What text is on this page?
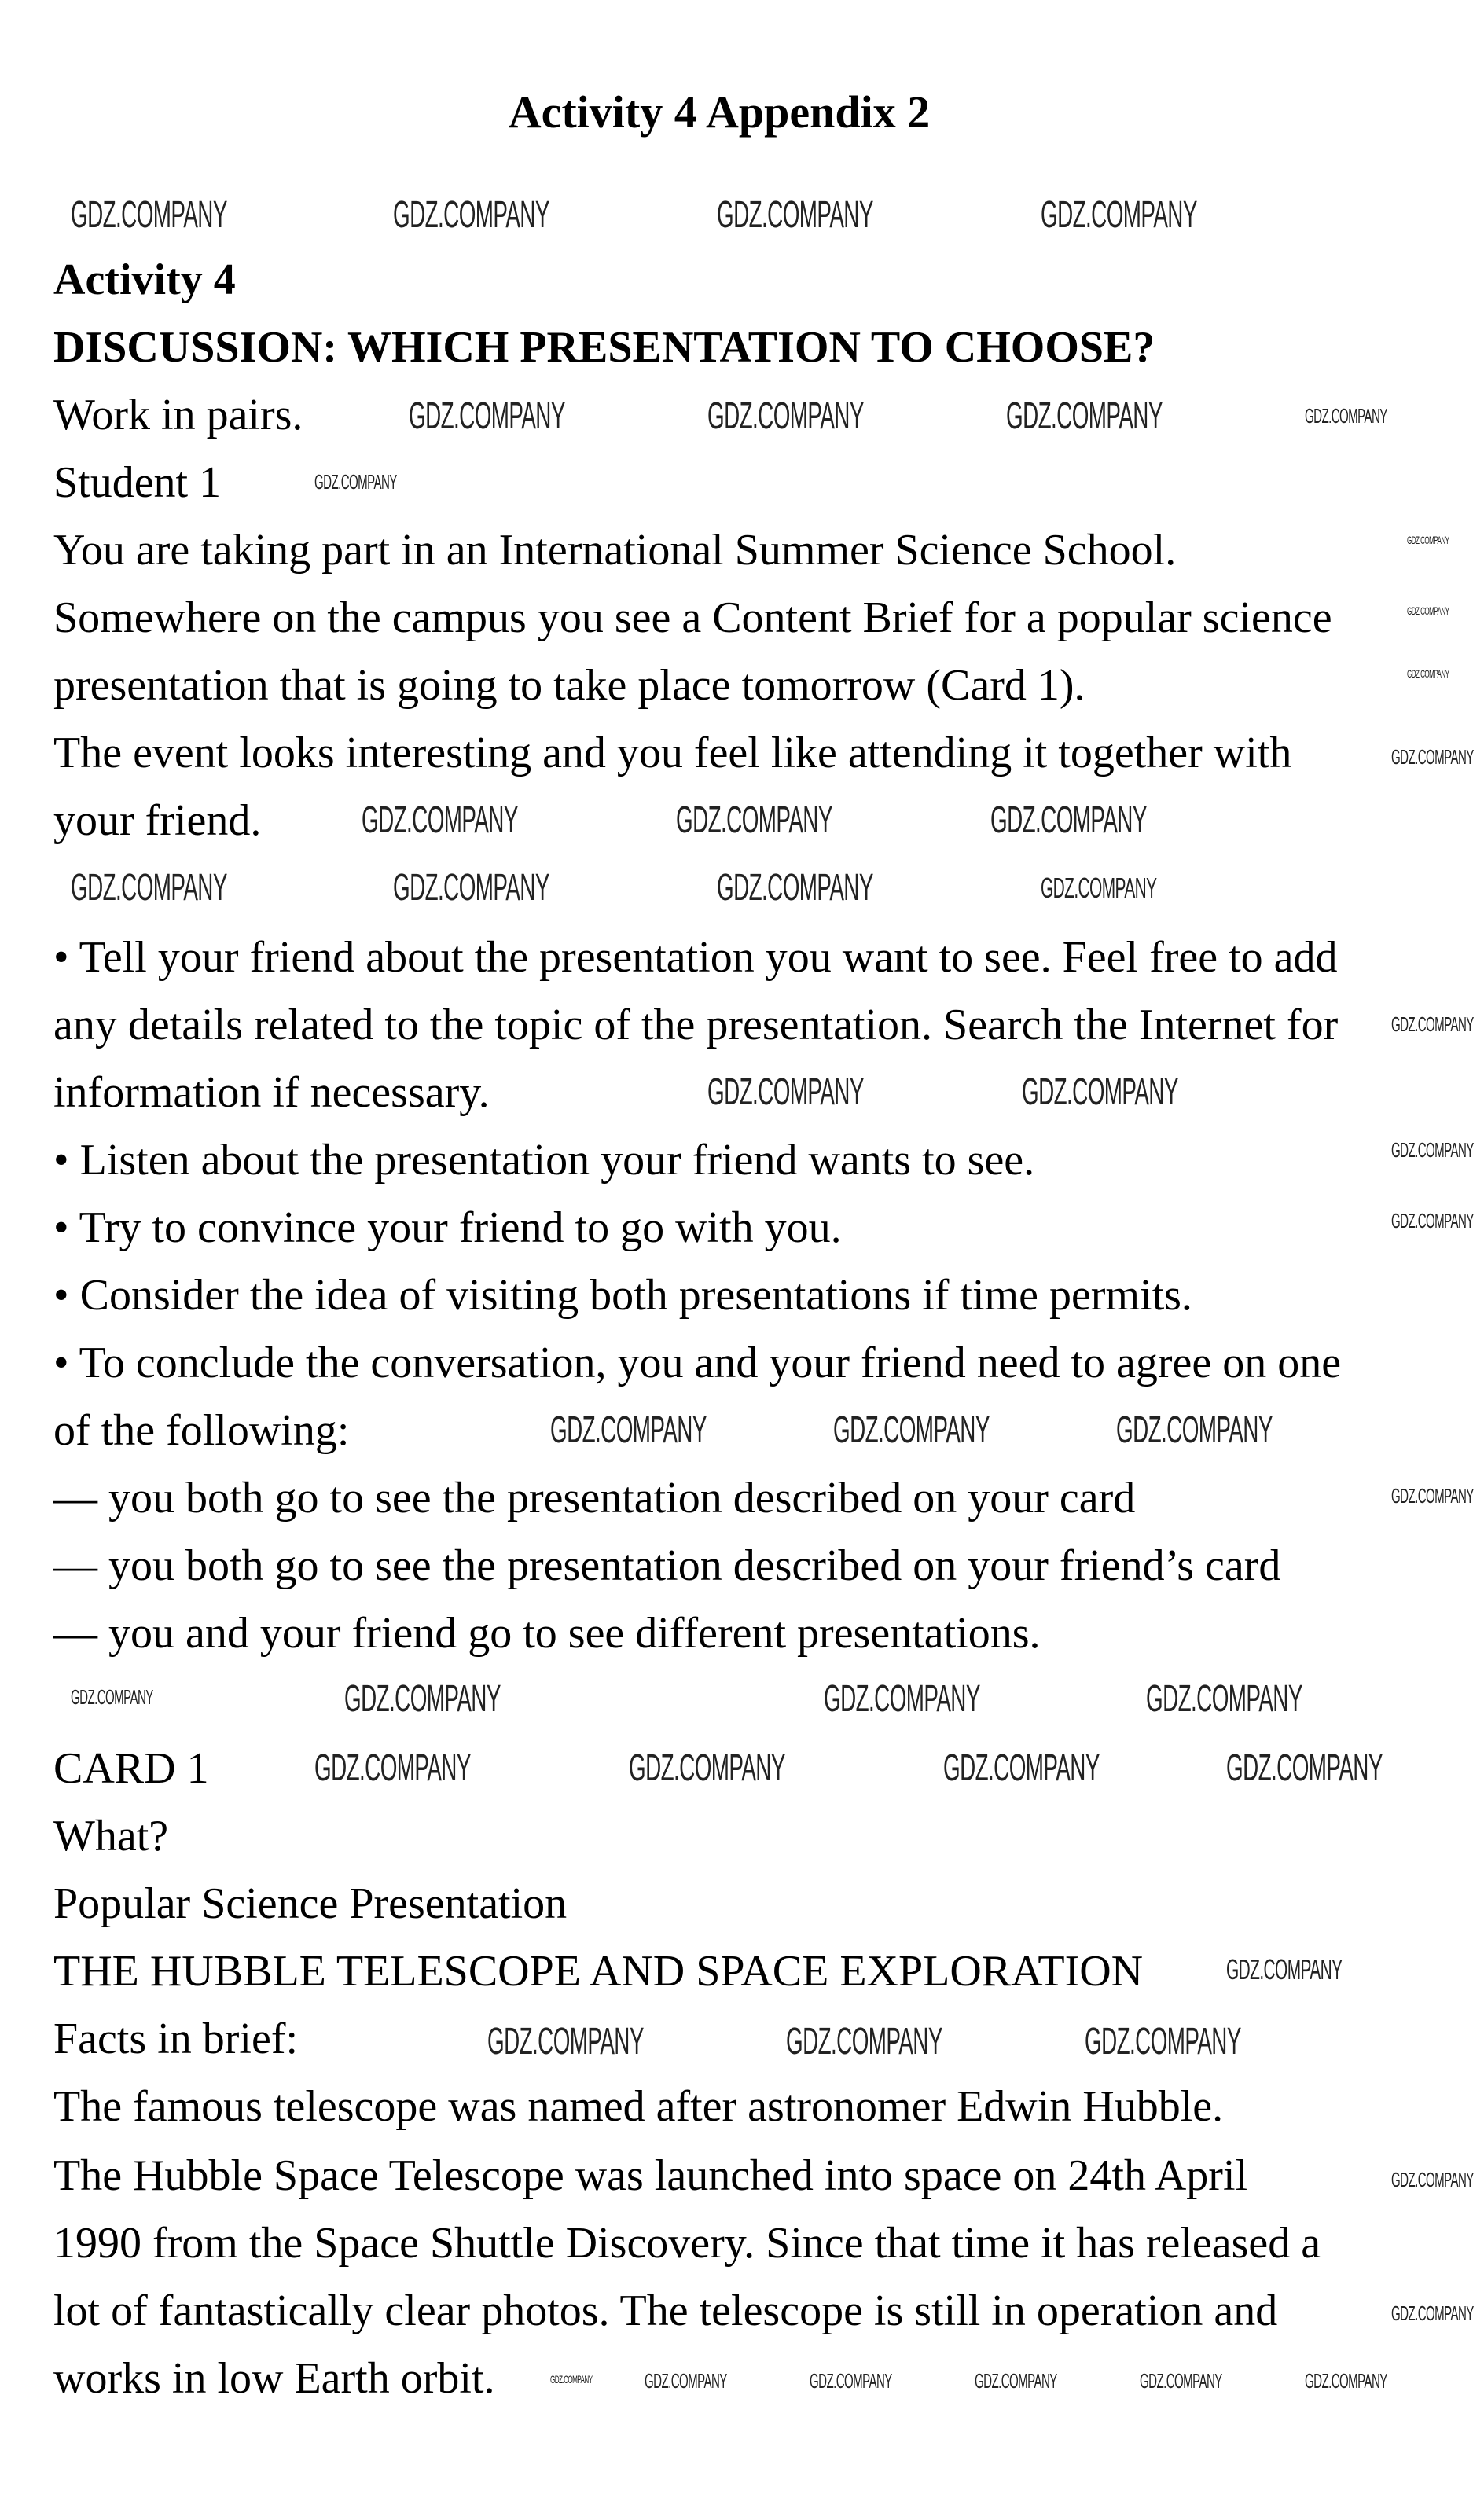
Activity 4 Appendix 2
Activity 4
DISCUSSION: WHICH PRESENTATION TO CHOOSE?
Work in pairs.
Student 1
You are taking part in an International Summer Science School.
Somewhere on the campus you see a Content Brief for a popular science
presentation that is going to take place tomorrow (Card 1).
The event looks interesting and you feel like attending it together with
your friend.
• Tell your friend about the presentation you want to see. Feel free to add
any details related to the topic of the presentation. Search the Internet for
information if necessary.
• Listen about the presentation your friend wants to see.
• Try to convince your friend to go with you.
• Consider the idea of visiting both presentations if time permits.
• To conclude the conversation, you and your friend need to agree on one
of the following:
— you both go to see the presentation described on your card
— you both go to see the presentation described on your friend’s card
— you and your friend go to see different presentations.
CARD 1
What?
Popular Science Presentation
THE HUBBLE TELESCOPE AND SPACE EXPLORATION
Facts in brief:
The famous telescope was named after astronomer Edwin Hubble.
The Hubble Space Telescope was launched into space on 24th April
1990 from the Space Shuttle Discovery. Since that time it has released a
lot of fantastically clear photos. The telescope is still in operation and
works in low Earth orbit.
GDZ.COMPANY	GDZ.COMPANY	GDZ.COMPANY	GDZ.COMPANY
GDZ.COMPANY	GDZ.COMPANY	GDZ.COMPANY	GDZ.COMPANY
GDZ.COMPANY
GDZ.COMPANY
GDZ.COMPANY
GDZ.COMPANY
GDZ.COMPANY
GDZ.COMPANY	GDZ.COMPANY	GDZ.COMPANY
GDZ.COMPANY	GDZ.COMPANY	GDZ.COMPANY	GDZ.COMPANY
GDZ.COMPANY
GDZ.COMPANY	GDZ.COMPANY
GDZ.COMPANY
GDZ.COMPANY
GDZ.COMPANY	GDZ.COMPANY	GDZ.COMPANY
GDZ.COMPANY
GDZ.COMPANY	GDZ.COMPANY	GDZ.COMPANY	GDZ.COMPANY
GDZ.COMPANY	GDZ.COMPANY	GDZ.COMPANY	GDZ.COMPANY
GDZ.COMPANY
GDZ.COMPANY	GDZ.COMPANY	GDZ.COMPANY
GDZ.COMPANY
GDZ.COMPANY
GDZ.COMPANY	GDZ.COMPANY	GDZ.COMPANY	GDZ.COMPANY	GDZ.COMPANY	GDZ.COMPANY
